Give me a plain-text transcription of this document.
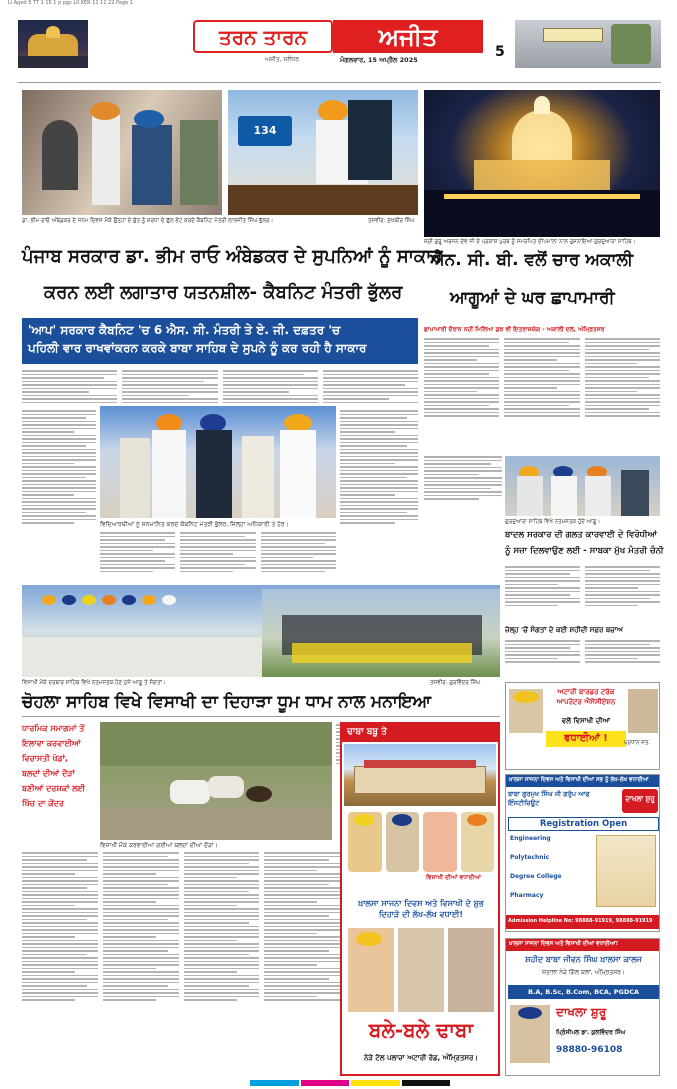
Li Aged 5 TT 1 15 1 p pgs LII KER 11 11 22 Page 1
ਤਰਨ ਤਾਰਨ	ਅਜੀਤ
ਅਜੀਤ, ਜਲੰਧਰ	ਮੰਗਲਵਾਰ, 15 ਅਪ੍ਰੈਲ 2025	5
134
ਡਾ. ਭੀਮ ਰਾਓ ਅੰਬੇਡਕਰ ਦੇ ਜਨਮ ਦਿਵਸ ਮੌਕੇ ਉਨ੍ਹਾਂ ਦੇ ਬੁੱਤ ਨੂੰ ਸ਼ਰਧਾ ਦੇ ਫੁੱਲ ਭੇਟ ਕਰਦੇ ਕੈਬਨਿਟ ਮੰਤਰੀ ਲਾਲਜੀਤ ਸਿੰਘ ਭੁੱਲਰ।	ਤਸਵੀਰ: ਸੁਖਬੀਰ ਸਿੰਘ
ਸ੍ਰੀ ਗੁਰੂ ਅਰਜਨ ਦੇਵ ਜੀ ਦੇ ਪ੍ਰਕਾਸ਼ ਪੁਰਬ ਨੂੰ ਸਮਰਪਿਤ ਦੀਪਮਾਲਾ ਨਾਲ ਰੁਸ਼ਨਾਇਆ ਗੁਰਦੁਆਰਾ ਸਾਹਿਬ।
ਪੰਜਾਬ ਸਰਕਾਰ ਡਾ. ਭੀਮ ਰਾਓ ਅੰਬੇਡਕਰ ਦੇ ਸੁਪਨਿਆਂ ਨੂੰ ਸਾਕਾਰ
ਕਰਨ ਲਈ ਲਗਾਤਾਰ ਯਤਨਸ਼ੀਲ- ਕੈਬਨਿਟ ਮੰਤਰੀ ਭੁੱਲਰ
ਐਨ. ਸੀ. ਬੀ. ਵਲੋਂ ਚਾਰ ਅਕਾਲੀ
ਆਗੂਆਂ ਦੇ ਘਰ ਛਾਪਾਮਾਰੀ
ਛਾਪਾਮਾਰੀ ਦੌਰਾਨ ਨਹੀਂ ਮਿਲਿਆ ਕੁਝ ਵੀ ਇਤਰਾਜ਼ਯੋਗ - ਅਕਾਲੀ ਦਲ, ਅੰਮ੍ਰਿਤਸਰ
'ਆਪ' ਸਰਕਾਰ ਕੈਬਨਿਟ 'ਚ 6 ਐਸ. ਸੀ. ਮੰਤਰੀ ਤੇ ਏ. ਜੀ. ਦਫ਼ਤਰ 'ਚ
ਪਹਿਲੀ ਵਾਰ ਰਾਖਵਾਂਕਰਨ ਕਰਕੇ ਬਾਬਾ ਸਾਹਿਬ ਦੇ ਸੁਪਨੇ ਨੂੰ ਕਰ ਰਹੀ ਹੈ ਸਾਕਾਰ
ਵਿਦਿਆਰਥੀਆਂ ਨੂੰ ਸਨਮਾਨਿਤ ਕਰਦੇ ਕੈਬਨਿਟ ਮੰਤਰੀ ਭੁੱਲਰ, ਜ਼ਿਲ੍ਹਾ ਅਧਿਕਾਰੀ ਤੇ ਹੋਰ।	ਗੁਰਦੁਆਰਾ ਸਾਹਿਬ ਵਿਖੇ ਨਤਮਸਤਕ ਹੁੰਦੇ ਆਗੂ।
ਬਾਦਲ ਸਰਕਾਰ ਦੀ ਗਲਤ ਕਾਰਵਾਈ ਦੇ ਵਿਰੋਧੀਆਂ
ਨੂੰ ਸਜ਼ਾ ਦਿਲਵਾਉਣ ਲਈ - ਸਾਬਕਾ ਮੁੱਖ ਮੰਤਰੀ ਚੰਨੀ
ਜ਼ੇਲ੍ਹ 'ਚੋਂ ਸੰਗਤਾਂ ਦੇ ਕਈ ਸ਼ਹੀਦੀ ਸਫ਼ਰ ਬਚਾਅ
ਵਿਸਾਖੀ ਮੌਕੇ ਦਰਬਾਰ ਸਾਹਿਬ ਵਿਖੇ ਨਤਮਸਤਕ ਹੋਣ ਪੁੱਜੇ ਆਗੂ ਤੇ ਸੰਗਤਾਂ।	ਤਸਵੀਰ: ਗੁਰਵਿੰਦਰ ਸਿੰਘ
ਚੋਹਲਾ ਸਾਹਿਬ ਵਿਖੇ ਵਿਸਾਖੀ ਦਾ ਦਿਹਾੜਾ ਧੂਮ ਧਾਮ ਨਾਲ ਮਨਾਇਆ
ਧਾਰਮਿਕ ਸਮਾਗਮਾਂ ਤੋਂ
ਇਲਾਵਾ ਕਰਵਾਈਆਂ
ਵਿਰਾਸਤੀ ਖੇਡਾਂ,
ਬਲਦਾਂ ਦੀਆਂ ਦੌੜਾਂ
ਬਣੀਆਂ ਦਰਸ਼ਕਾਂ ਲਈ
ਖਿੱਚ ਦਾ ਕੇਂਦਰ
ਵਿਸਾਖੀ ਮੌਕੇ ਕਰਵਾਈਆਂ ਗਈਆਂ ਬਲਦਾਂ ਦੀਆਂ ਦੌੜਾਂ।
ਢਾਬਾ ਬਬੂ ਤੇ
ਵਿਸਾਖੀ ਦੀਆਂ ਵਧਾਈਆਂ
ਖ਼ਾਲਸਾ ਸਾਜਨਾ ਦਿਵਸ ਅਤੇ ਵਿਸਾਖੀ ਦੇ ਸ਼ੁਭ ਦਿਹਾੜੇ ਦੀ ਲੱਖ-ਲੱਖ ਵਧਾਈ!
ਬਲੇ-ਬਲੇ ਢਾਬਾ
ਨੇੜੇ ਟੋਲ ਪਲਾਜ਼ਾ ਅਟਾਰੀ ਰੋਡ, ਅੰਮ੍ਰਿਤਸਰ।
ਅਟਾਰੀ ਬਾਰਡਰ ਟਰੱਕ ਆਪਰੇਟਰ ਐਸੋਸੀਏਸ਼ਨ
ਵਲੋਂ ਵਿਸਾਖੀ ਦੀਆਂ
ਵਧਾਈਆਂ !	ਪ੍ਰਧਾਨ ਸਤ.
ਖ਼ਾਲਸਾ ਸਾਜਨਾ ਦਿਵਸ ਅਤੇ ਵਿਸਾਖੀ ਦੀਆਂ ਸਭ ਨੂੰ ਲੱਖ-ਲੱਖ ਵਧਾਈਆਂ
ਬਾਬਾ ਗੁਰਮੁਖ ਸਿੰਘ ਜੀ ਗਰੁੱਪ ਆਫ ਇੰਸਟੀਚਿਊਟ	ਦਾਖਲਾ ਸ਼ੁਰੂ
Registration Open
Engineering
Polytechnic
Degree College
Pharmacy
Admission Helpline No: 98888-91919, 98888-91919
ਖ਼ਾਲਸਾ ਸਾਜਨਾ ਦਿਵਸ ਅਤੇ ਵਿਸਾਖੀ ਦੀਆਂ ਵਧਾਈਆਂ!
ਸ਼ਹੀਦ ਬਾਬਾ ਜੀਵਨ ਸਿੰਘ ਖ਼ਾਲਸਾ ਕਾਲਜ
ਸਤਾਲਾ ਨੇੜੇ ਗਿੱਲ ਕਲਾਂ, ਅੰਮ੍ਰਿਤਸਰ।
B.A, B.Sc, B.Com, BCA, PGDCA
ਦਾਖਲਾ ਸ਼ੁਰੂ
ਪ੍ਰਿੰਸੀਪਲ ਡਾ. ਕੁਲਵਿੰਦਰ ਸਿੰਘ
98880-96108
